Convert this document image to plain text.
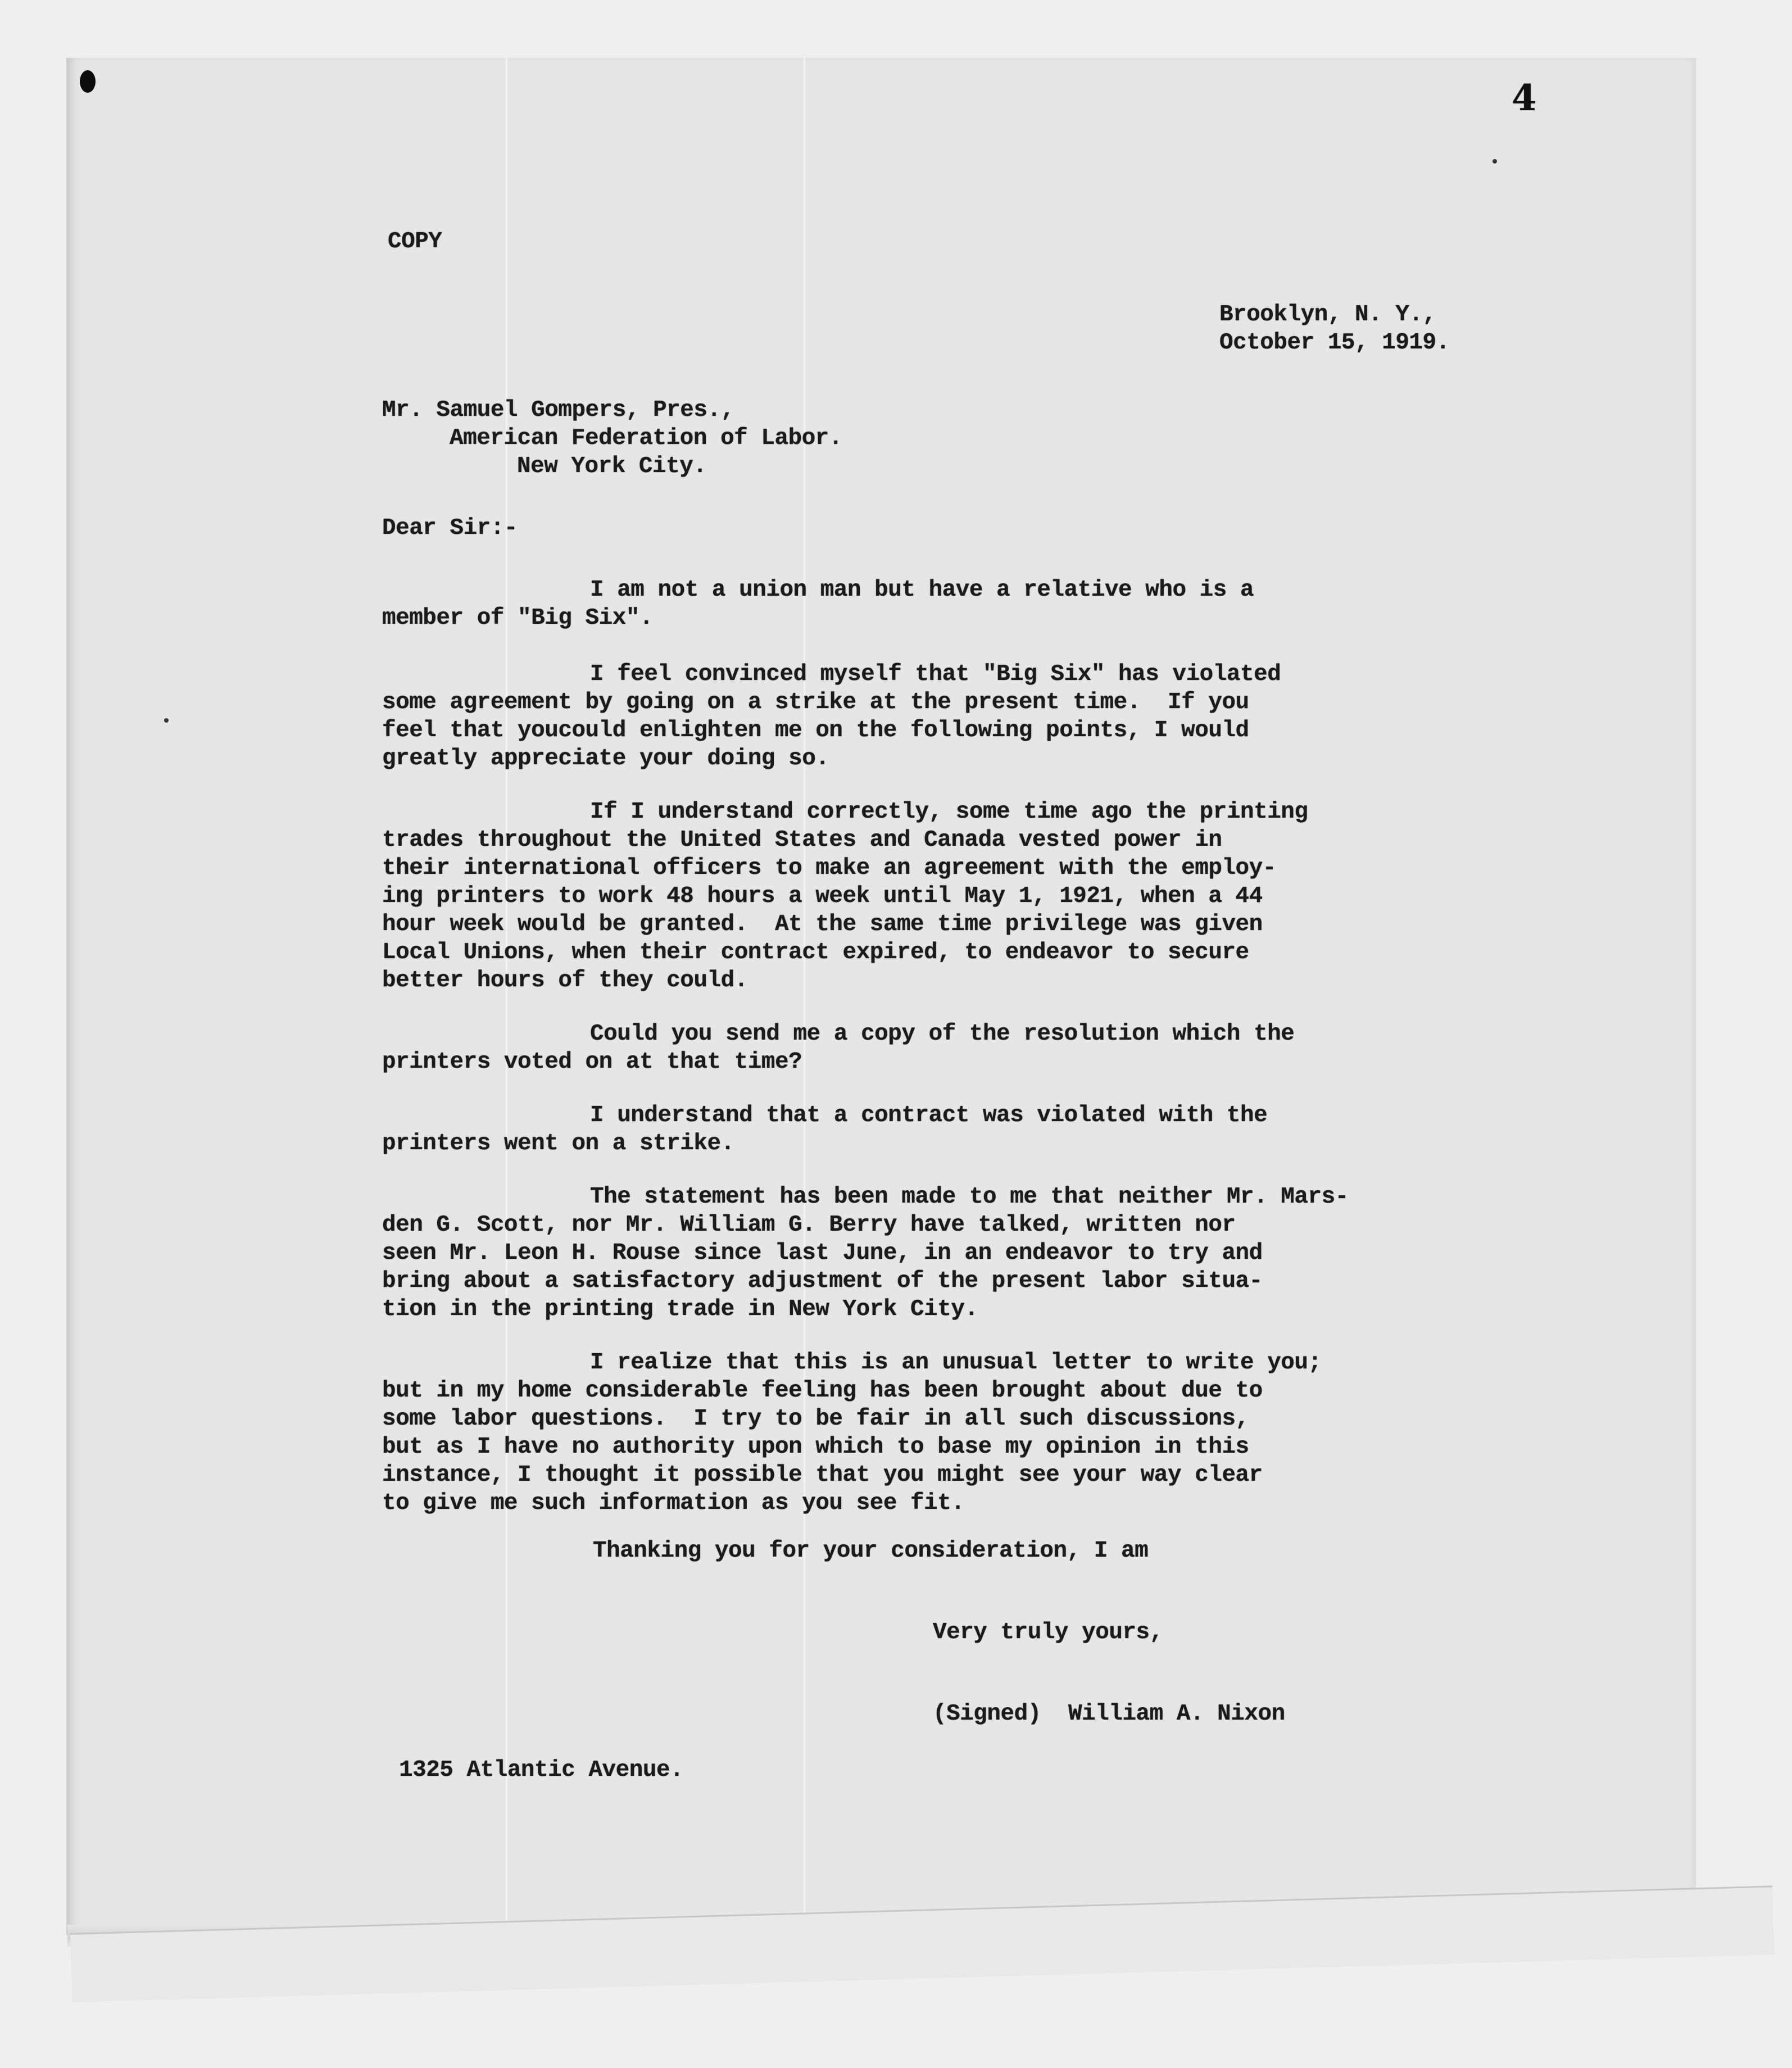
4
COPY
Brooklyn, N. Y.,
October 15, 1919.
Mr. Samuel Gompers, Pres.,
American Federation of Labor.
New York City.
Dear Sir:-
I am not a union man but have a relative who is a
member of "Big Six".
I feel convinced myself that "Big Six" has violated
some agreement by going on a strike at the present time.  If you
feel that youcould enlighten me on the following points, I would
greatly appreciate your doing so.
If I understand correctly, some time ago the printing
trades throughout the United States and Canada vested power in
their international officers to make an agreement with the employ-
ing printers to work 48 hours a week until May 1, 1921, when a 44
hour week would be granted.  At the same time privilege was given
Local Unions, when their contract expired, to endeavor to secure
better hours of they could.
Could you send me a copy of the resolution which the
printers voted on at that time?
I understand that a contract was violated with the
printers went on a strike.
The statement has been made to me that neither Mr. Mars-
den G. Scott, nor Mr. William G. Berry have talked, written nor
seen Mr. Leon H. Rouse since last June, in an endeavor to try and
bring about a satisfactory adjustment of the present labor situa-
tion in the printing trade in New York City.
I realize that this is an unusual letter to write you;
but in my home considerable feeling has been brought about due to
some labor questions.  I try to be fair in all such discussions,
but as I have no authority upon which to base my opinion in this
instance, I thought it possible that you might see your way clear
to give me such information as you see fit.
Thanking you for your consideration, I am
Very truly yours,
(Signed)  William A. Nixon
1325 Atlantic Avenue.
